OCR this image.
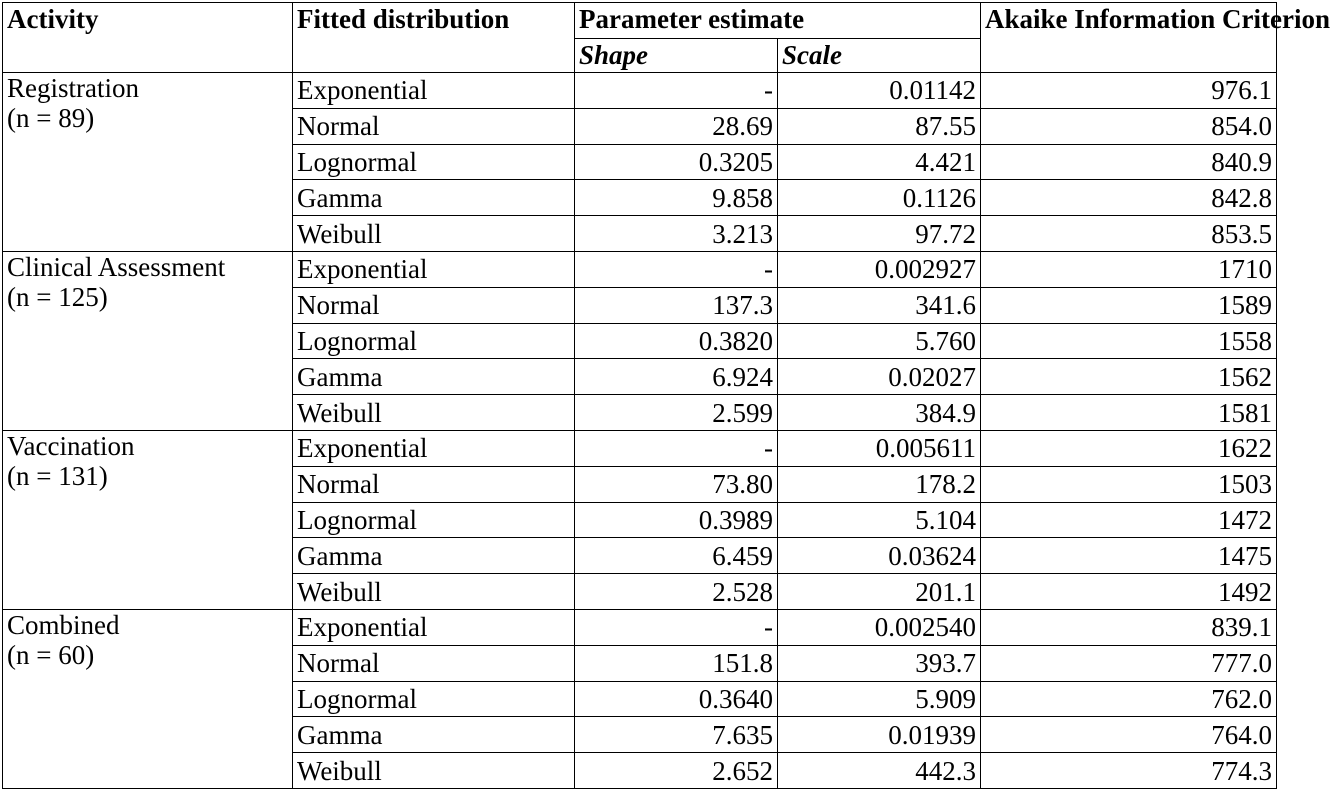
Activity	Fitted distribution	Parameter estimate		Akaike Information Criterion
		Shape	Scale	

Registration
(n = 89)	Exponential	-	0.01142	976.1
	Normal	28.69	87.55	854.0
	Lognormal	0.3205	4.421	840.9
	Gamma	9.858	0.1126	842.8
	Weibull	3.213	97.72	853.5

Clinical Assessment
(n = 125)	Exponential	-	0.002927	1710
	Normal	137.3	341.6	1589
	Lognormal	0.3820	5.760	1558
	Gamma	6.924	0.02027	1562
	Weibull	2.599	384.9	1581

Vaccination
(n = 131)	Exponential	-	0.005611	1622
	Normal	73.80	178.2	1503
	Lognormal	0.3989	5.104	1472
	Gamma	6.459	0.03624	1475
	Weibull	2.528	201.1	1492

Combined
(n = 60)	Exponential	-	0.002540	839.1
	Normal	151.8	393.7	777.0
	Lognormal	0.3640	5.909	762.0
	Gamma	7.635	0.01939	764.0
	Weibull	2.652	442.3	774.3
